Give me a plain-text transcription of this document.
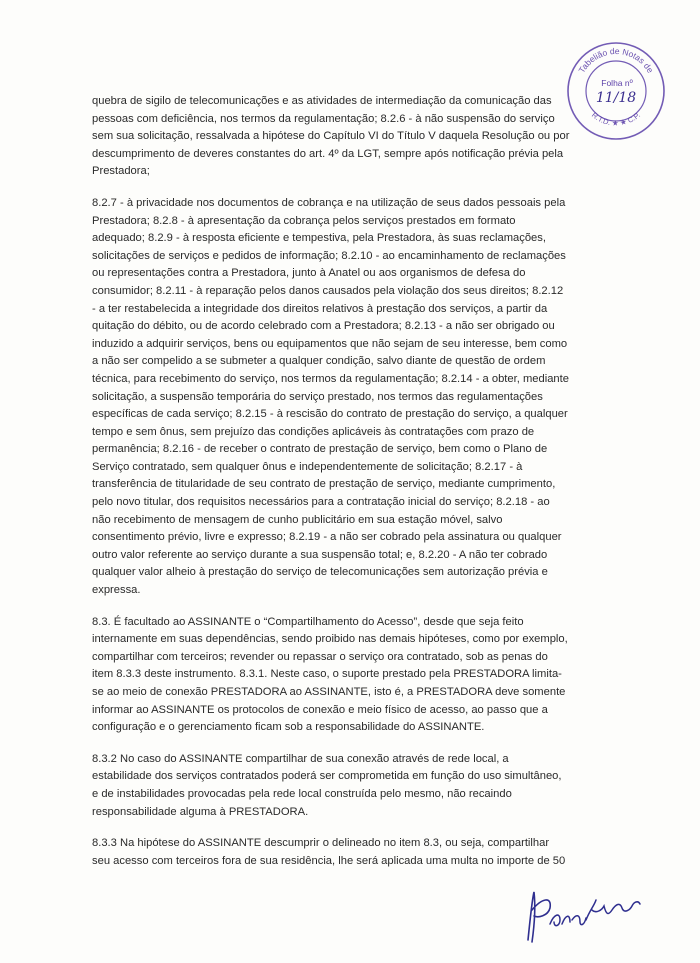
quebra de sigilo de telecomunicações e as atividades de intermediação da comunicação das pessoas com deficiência, nos termos da regulamentação; 8.2.6 - à não suspensão do serviço sem sua solicitação, ressalvada a hipótese do Capítulo VI do Título V daquela Resolução ou por descumprimento de deveres constantes do art. 4º da LGT, sempre após notificação prévia pela Prestadora;

8.2.7 - à privacidade nos documentos de cobrança e na utilização de seus dados pessoais pela Prestadora; 8.2.8 - à apresentação da cobrança pelos serviços prestados em formato adequado; 8.2.9 - à resposta eficiente e tempestiva, pela Prestadora, às suas reclamações, solicitações de serviços e pedidos de informação; 8.2.10 - ao encaminhamento de reclamações ou representações contra a Prestadora, junto à Anatel ou aos organismos de defesa do consumidor; 8.2.11 - à reparação pelos danos causados pela violação dos seus direitos; 8.2.12 - a ter restabelecida a integridade dos direitos relativos à prestação dos serviços, a partir da quitação do débito, ou de acordo celebrado com a Prestadora; 8.2.13 - a não ser obrigado ou induzido a adquirir serviços, bens ou equipamentos que não sejam de seu interesse, bem como a não ser compelido a se submeter a qualquer condição, salvo diante de questão de ordem técnica, para recebimento do serviço, nos termos da regulamentação; 8.2.14 - a obter, mediante solicitação, a suspensão temporária do serviço prestado, nos termos das regulamentações específicas de cada serviço; 8.2.15 - à rescisão do contrato de prestação do serviço, a qualquer tempo e sem ônus, sem prejuízo das condições aplicáveis às contratações com prazo de permanência; 8.2.16 - de receber o contrato de prestação de serviço, bem como o Plano de Serviço contratado, sem qualquer ônus e independentemente de solicitação; 8.2.17 - à transferência de titularidade de seu contrato de prestação de serviço, mediante cumprimento, pelo novo titular, dos requisitos necessários para a contratação inicial do serviço; 8.2.18 - ao não recebimento de mensagem de cunho publicitário em sua estação móvel, salvo consentimento prévio, livre e expresso; 8.2.19 - a não ser cobrado pela assinatura ou qualquer outro valor referente ao serviço durante a sua suspensão total; e, 8.2.20 - A não ter cobrado qualquer valor alheio à prestação do serviço de telecomunicações sem autorização prévia e expressa.

8.3. É facultado ao ASSINANTE o “Compartilhamento do Acesso”, desde que seja feito internamente em suas dependências, sendo proibido nas demais hipóteses, como por exemplo, compartilhar com terceiros; revender ou repassar o serviço ora contratado, sob as penas do item 8.3.3 deste instrumento. 8.3.1. Neste caso, o suporte prestado pela PRESTADORA limita-se ao meio de conexão PRESTADORA ao ASSINANTE, isto é, a PRESTADORA deve somente informar ao ASSINANTE os protocolos de conexão e meio físico de acesso, ao passo que a configuração e o gerenciamento ficam sob a responsabilidade do ASSINANTE.

8.3.2 No caso do ASSINANTE compartilhar de sua conexão através de rede local, a estabilidade dos serviços contratados poderá ser comprometida em função do uso simultâneo, e de instabilidades provocadas pela rede local construída pelo mesmo, não recaindo responsabilidade alguma à PRESTADORA.

8.3.3 Na hipótese do ASSINANTE descumprir o delineado no item 8.3, ou seja, compartilhar seu acesso com terceiros fora de sua residência, lhe será aplicada uma multa no importe de 50

Tabelião de Notas de
R.T.D. ★ ★ C.P.
Folha nº
11/18
